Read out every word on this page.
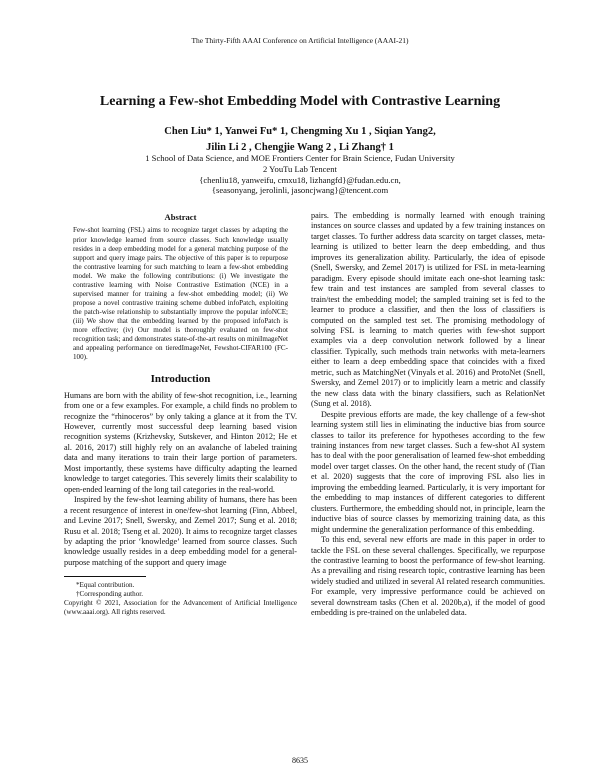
The Thirty-Fifth AAAI Conference on Artificial Intelligence (AAAI-21)
Learning a Few-shot Embedding Model with Contrastive Learning
Chen Liu* 1, Yanwei Fu* 1, Chengming Xu 1 , Siqian Yang2,
Jilin Li 2 , Chengjie Wang 2 , Li Zhang† 1
1 School of Data Science, and MOE Frontiers Center for Brain Science, Fudan University
2 YouTu Lab Tencent
{chenliu18, yanweifu, cmxu18, lizhangfd}@fudan.edu.cn,
{seasonyang, jerolinli, jasoncjwang}@tencent.com
Abstract

Few-shot learning (FSL) aims to recognize target classes by adapting the prior knowledge learned from source classes. Such knowledge usually resides in a deep embedding model for a general matching purpose of the support and query image pairs. The objective of this paper is to repurpose the contrastive learning for such matching to learn a few-shot embedding model. We make the following contributions: (i) We investigate the contrastive learning with Noise Contrastive Estimation (NCE) in a supervised manner for training a few-shot embedding model; (ii) We propose a novel contrastive training scheme dubbed infoPatch, exploiting the patch-wise relationship to substantially improve the popular infoNCE; (iii) We show that the embedding learned by the proposed infoPatch is more effective; (iv) Our model is thoroughly evaluated on few-shot recognition task; and demonstrates state-of-the-art results on miniImageNet and appealing performance on tieredImageNet, Fewshot-CIFAR100 (FC-100).

Introduction

Humans are born with the ability of few-shot recognition, i.e., learning from one or a few examples. For example, a child finds no problem to recognize the “rhinoceros” by only taking a glance at it from the TV. However, currently most successful deep learning based vision recognition systems (Krizhevsky, Sutskever, and Hinton 2012; He et al. 2016, 2017) still highly rely on an avalanche of labeled training data and many iterations to train their large portion of parameters. Most importantly, these systems have difficulty adapting the learned knowledge to target categories. This severely limits their scalability to open-ended learning of the long tail categories in the real-world.

Inspired by the few-shot learning ability of humans, there has been a recent resurgence of interest in one/few-shot learning (Finn, Abbeel, and Levine 2017; Snell, Swersky, and Zemel 2017; Sung et al. 2018; Rusu et al. 2018; Tseng et al. 2020). It aims to recognize target classes by adapting the prior ‘knowledge’ learned from source classes. Such knowledge usually resides in a deep embedding model for a general-purpose matching of the support and query image

*Equal contribution.

†Corresponding author.

Copyright © 2021, Association for the Advancement of Artificial Intelligence (www.aaai.org). All rights reserved.

pairs. The embedding is normally learned with enough training instances on source classes and updated by a few training instances on target classes. To further address data scarcity on target classes, meta-learning is utilized to better learn the deep embedding, and thus improves its generalization ability. Particularly, the idea of episode (Snell, Swersky, and Zemel 2017) is utilized for FSL in meta-learning paradigm. Every episode should imitate each one-shot learning task: few train and test instances are sampled from several classes to train/test the embedding model; the sampled training set is fed to the learner to produce a classifier, and then the loss of classifiers is computed on the sampled test set. The promising methodology of solving FSL is learning to match queries with few-shot support examples via a deep convolution network followed by a linear classifier. Typically, such methods train networks with meta-learners either to learn a deep embedding space that coincides with a fixed metric, such as MatchingNet (Vinyals et al. 2016) and ProtoNet (Snell, Swersky, and Zemel 2017) or to implicitly learn a metric and classify the new class data with the binary classifiers, such as RelationNet (Sung et al. 2018).

Despite previous efforts are made, the key challenge of a few-shot learning system still lies in eliminating the inductive bias from source classes to tailor its preference for hypotheses according to the few training instances from new target classes. Such a few-shot AI system has to deal with the poor generalisation of learned few-shot embedding model over target classes. On the other hand, the recent study of (Tian et al. 2020) suggests that the core of improving FSL also lies in improving the embedding learned. Particularly, it is very important for the embedding to map instances of different categories to different clusters. Furthermore, the embedding should not, in principle, learn the inductive bias of source classes by memorizing training data, as this might undermine the generalization performance of this embedding.

To this end, several new efforts are made in this paper in order to tackle the FSL on these several challenges. Specifically, we repurpose the contrastive learning to boost the performance of few-shot learning. As a prevailing and rising research topic, contrastive learning has been widely studied and utilized in several AI related research communities. For example, very impressive performance could be achieved on several downstream tasks (Chen et al. 2020b,a), if the model of good embedding is pre-trained on the unlabeled data.

8635
